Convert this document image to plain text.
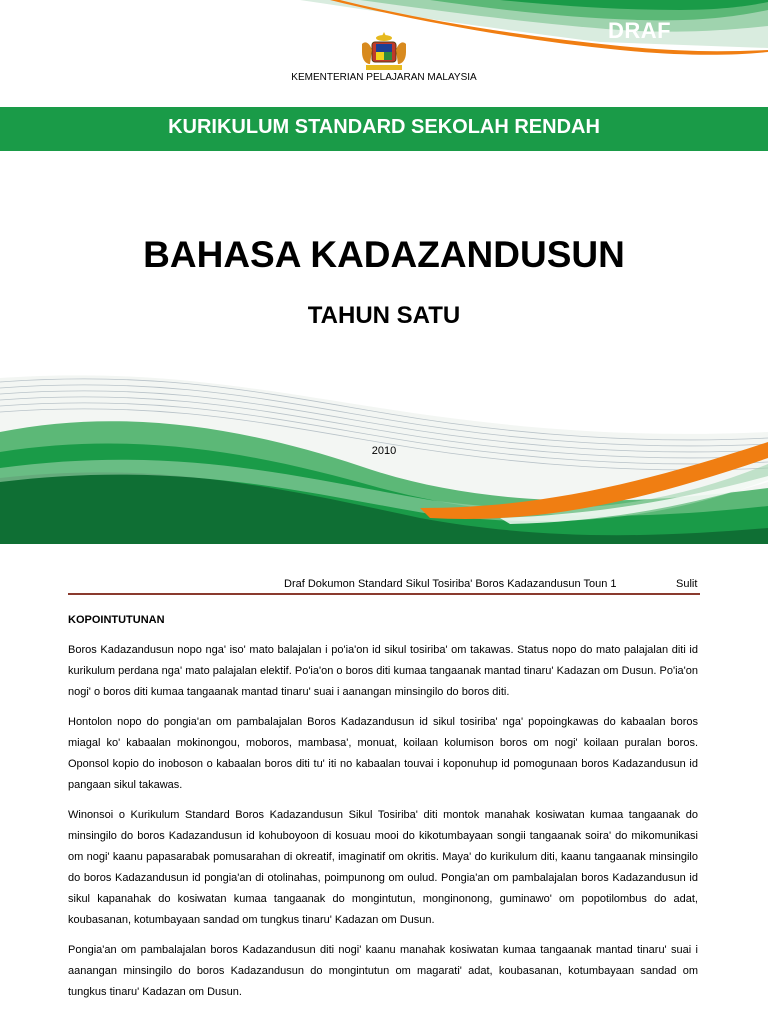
DRAF
KEMENTERIAN PELAJARAN MALAYSIA
KURIKULUM STANDARD SEKOLAH RENDAH
BAHASA KADAZANDUSUN
TAHUN SATU
2010
Draf Dokumon Standard Sikul Tosiriba' Boros Kadazandusun Toun 1	Sulit
KOPOINTUTUNAN

Boros Kadazandusun nopo nga' iso' mato balajalan i po'ia'on id sikul tosiriba' om takawas. Status nopo do mato palajalan diti id kurikulum perdana nga' mato palajalan elektif. Po'ia'on o boros diti kumaa tangaanak mantad tinaru' Kadazan om Dusun. Po'ia'on nogi' o boros diti kumaa tangaanak mantad tinaru' suai i aanangan minsingilo do boros diti.

Hontolon nopo do pongia'an om pambalajalan Boros Kadazandusun id sikul tosiriba' nga' popoingkawas do kabaalan boros miagal ko' kabaalan mokinongou, moboros, mambasa', monuat, koilaan kolumison boros om nogi' koilaan puralan boros. Oponsol kopio do inoboson o kabaalan boros diti tu' iti no kabaalan touvai i koponuhup id pomogunaan boros Kadazandusun id pangaan sikul takawas.

Winonsoi o Kurikulum Standard Boros Kadazandusun Sikul Tosiriba' diti montok manahak kosiwatan kumaa tangaanak do minsingilo do boros Kadazandusun id kohuboyoon di kosuau mooi do kikotumbayaan songii tangaanak soira' do mikomunikasi om nogi' kaanu papasarabak pomusarahan di okreatif, imaginatif om okritis. Maya' do kurikulum diti, kaanu tangaanak minsingilo do boros Kadazandusun id pongia'an di otolinahas, poimpunong om oulud. Pongia'an om pambalajalan boros Kadazandusun id sikul kapanahak do kosiwatan kumaa tangaanak do mongintutun, monginonong, guminawo' om popotilombus do adat, koubasanan, kotumbayaan sandad om tungkus tinaru' Kadazan om Dusun.

Pongia'an om pambalajalan boros Kadazandusun diti nogi' kaanu manahak kosiwatan kumaa tangaanak mantad tinaru' suai i aanangan minsingilo do boros Kadazandusun do mongintutun om magarati' adat, koubasanan, kotumbayaan sandad om tungkus tinaru' Kadazan om Dusun.
